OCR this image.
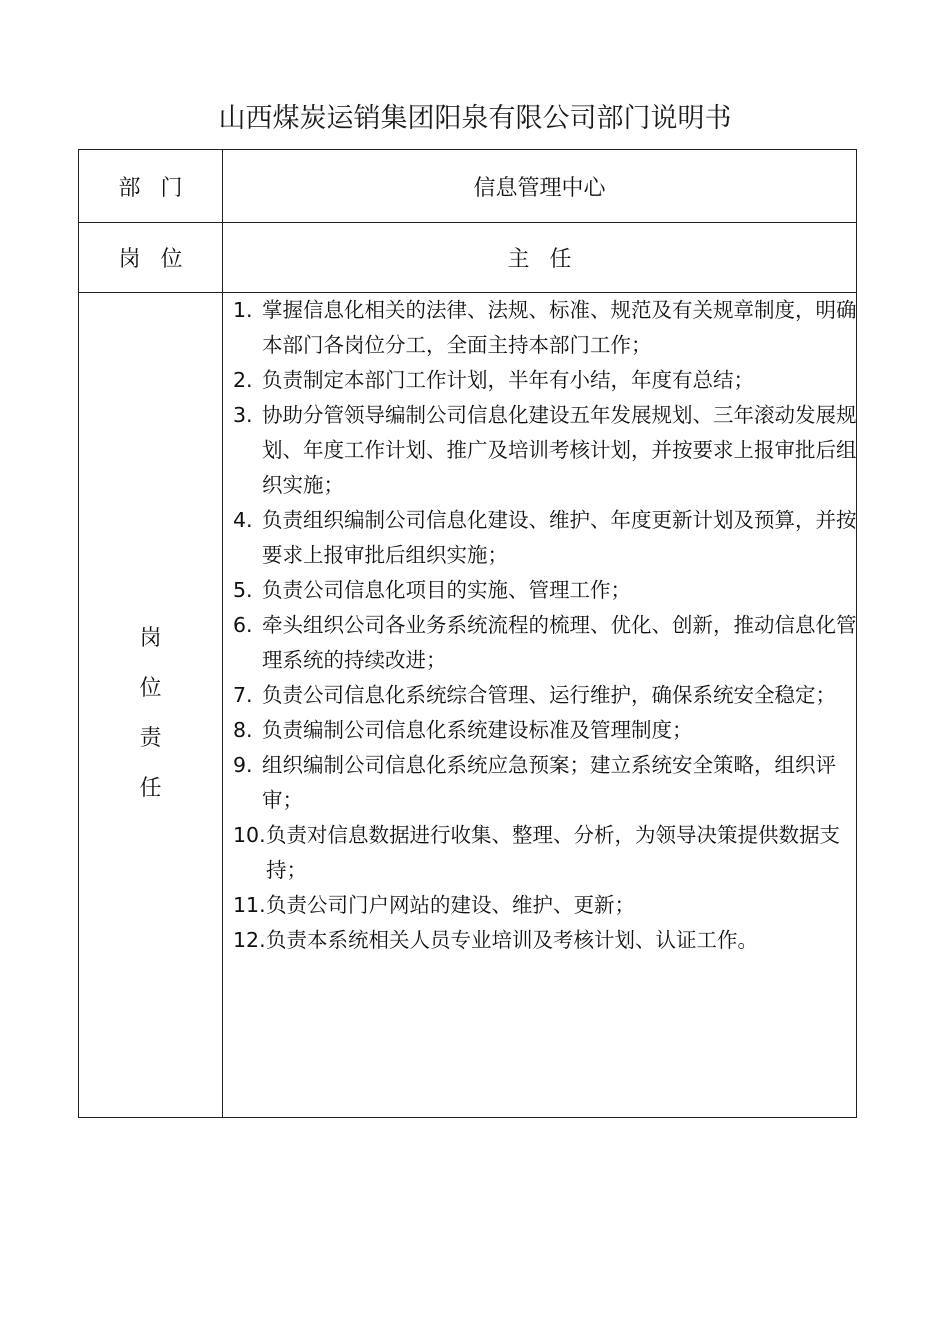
山西煤炭运销集团阳泉有限公司部门说明书
部门	信息管理中心
岗位	主任
岗
位
责
任
1. 掌握信息化相关的法律、法规、标准、规范及有关规章制度，明确本部门各岗位分工，全面主持本部门工作；
2. 负责制定本部门工作计划，半年有小结，年度有总结；
3. 协助分管领导编制公司信息化建设五年发展规划、三年滚动发展规划、年度工作计划、推广及培训考核计划，并按要求上报审批后组织实施；
4. 负责组织编制公司信息化建设、维护、年度更新计划及预算，并按要求上报审批后组织实施；
5. 负责公司信息化项目的实施、管理工作；
6. 牵头组织公司各业务系统流程的梳理、优化、创新，推动信息化管理系统的持续改进；
7. 负责公司信息化系统综合管理、运行维护，确保系统安全稳定；
8. 负责编制公司信息化系统建设标准及管理制度；
9. 组织编制公司信息化系统应急预案；建立系统安全策略，组织评审；
10. 负责对信息数据进行收集、整理、分析，为领导决策提供数据支持；
11. 负责公司门户网站的建设、维护、更新；
12. 负责本系统相关人员专业培训及考核计划、认证工作。
